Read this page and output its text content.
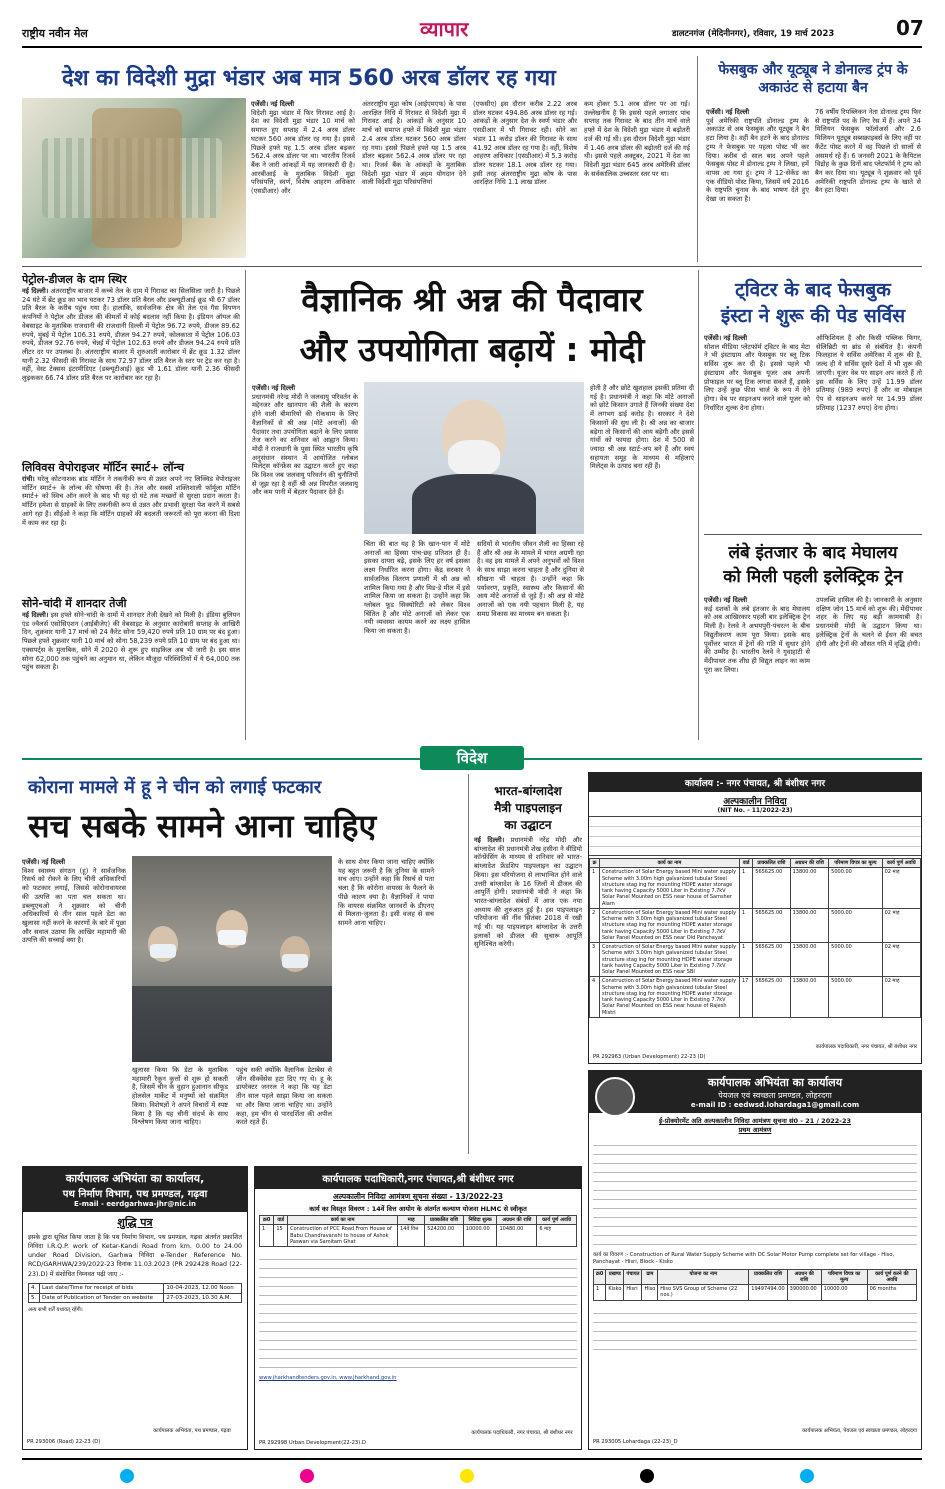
राष्ट्रीय नवीन मेल	व्यापार	डालटनगंज (मेदिनीनगर), रविवार, 19 मार्च 2023	07
देश का विदेशी मुद्रा भंडार अब मात्र 560 अरब डॉलर रह गया
एजेंसी। नई दिल्ली
विदेशी मुद्रा भंडार में फिर गिरावट आई है। देश का विदेशी मुद्रा भंडार 10 मार्च को समाप्त हुए सप्ताह में 2.4 अरब डॉलर घटकर 560 अरब डॉलर रह गया है। इससे पिछले हफ्ते यह 1.5 अरब डॉलर बढ़कर 562.4 अरब डॉलर पर था। भारतीय रिजर्व बैंक ने जारी आंकड़ों में यह जानकारी दी है। आरबीआई के मुताबिक विदेशी मुद्रा परिसंपत्ति, स्वर्ण, विशेष आहरण अधिकार (एसडीआर) और
अंतरराष्ट्रीय मुद्रा कोष (आईएमएफ) के पास आरक्षित निधि में गिरावट से विदेशी मुद्रा में गिरावट आई है। आंकड़ों के अनुसार 10 मार्च को समाप्त हफ्ते में विदेशी मुद्रा भंडार 2.4 अरब डॉलर घटकर 560 अरब डॉलर रह गया। इससे पिछले हफ्ते यह 1.5 अरब डॉलर बढ़कर 562.4 अरब डॉलर पर रहा था। रिजर्व बैंक के आंकड़ों के मुताबिक विदेशी मुद्रा भंडार में अहम योगदान देने वाली विदेशी मुद्रा परिसंपत्तियां
(एफसीए) इस दौरान करीब 2.22 अरब डॉलर घटकर 494.86 अरब डॉलर रह गई। आंकड़ों के अनुसार देश के स्वर्ण भंडार और एसडीआर में भी गिरावट रही। सोने का भंडार 11 करोड़ डॉलर की गिरावट के साथ 41.92 अरब डॉलर रह गया है। वहीं, विशेष आहरण अधिकार (एसडीआर) में 5.3 करोड़ डॉलर घटकर 18.1 अरब डॉलर रह गया। इसी तरह अंतरराष्ट्रीय मुद्रा कोष के पास आरक्षित निधि 1.1 लाख डॉलर
कम होकर 5.1 अरब डॉलर पर आ गई। उल्लेखनीय है कि इससे पहले लगातार पांच सप्ताह तक गिरावट के बाद तीन मार्च वाले हफ्ते में देश के विदेशी मुद्रा भंडार में बढ़ोतरी दर्ज की गई थी। इस दौरान विदेशी मुद्रा भंडार में 1.46 अरब डॉलर की बढ़ोतरी दर्ज की गई थी। इससे पहले अक्टूबर, 2021 में देश का विदेशी मुद्रा भंडार 645 अरब अमेरिकी डॉलर के सर्वकालिक उच्चस्तर स्तर पर था।
फेसबुक और यूट्यूब ने डोनाल्ड ट्रंप के अकाउंट से हटाया बैन
एजेंसी। नई दिल्ली
पूर्व अमेरिकी राष्ट्रपति डोनाल्ड ट्रम्प के अकाउंट से अब फेसबुक और यूट्यूब ने बैन हटा लिया है। वहीं बैन हटने के बाद डोनाल्ड ट्रम्प ने फेसबुक पर पहला पोस्ट भी कर दिया। करीब दो साल बाद अपने पहले फेसबुक पोस्ट में डोनाल्ड ट्रम्प ने लिखा, हमें वापस आ गया हूं। ट्रम्प ने 12-सेकेंड का एक वीडियो पोस्ट किया, जिसमें वर्ष 2016 के राष्ट्रपति चुनाव के बाद भाषण देते हुए देखा जा सकता है।
76 वर्षीय रिपब्लिकन नेता डोनाल्ड ट्रम्प फिर से राष्ट्रपति पद के लिए रेस में हैं। अपने 34 मिलियन फेसबुक फॉलोअर्स और 2.6 मिलियन यूट्यूब सब्सक्राइबर्स के लिए वहीं पर कैंटेंट पोस्ट करने में वह पिछले दो सालों से असमर्थ रहे हैं। 6 जनवरी 2021 के कैपिटल विद्रोह के कुछ दिनों बाद प्लेटफॉर्म ने ट्रम्प को बैन कर दिया था। यूट्यूब ने शुक्रवार को पूर्व अमेरिकी राष्ट्रपति डोनाल्ड ट्रम्प के खाते से बैन हटा दिया।
पेट्रोल-डीजल के दाम स्थिर
नई दिल्ली। अंतरराष्ट्रीय बाजार में कच्चे तेल के दाम में गिरावट का सिलसिला जारी है। पिछले 24 घंटे में ब्रेंट क्रूड का भाव घटकर 73 डॉलर प्रति बैरल और डब्ल्यूटीआई क्रूड भी 67 डॉलर प्रति बैरल के करीब पहुंच गया है। हालांकि, सार्वजनिक क्षेत्र की तेल एवं गैस विपणन कंपनियों ने पेट्रोल और डीजल की कीमतों में कोई बदलाव नहीं किया है। इंडियन ऑयल की वेबसाइट के मुताबिक राजधानी की राजधानी दिल्ली में पेट्रोल 96.72 रुपये, डीजल 89.62 रुपये, मुंबई में पेट्रोल 106.31 रुपये, डीजल 94.27 रुपये, कोलकाता में पेट्रोल 106.03 रुपये, डीजल 92.76 रुपये, चेन्नई में पेट्रोल 102.63 रुपये और डीजल 94.24 रुपये प्रति लीटर दर पर उपलब्ध है। अंतरराष्ट्रीय बाजार में शुरुआती कारोबार में ब्रेंट क्रूड 1.32 डॉलर यानी 2.32 फीसदी की गिरावट के साथ 72.97 डॉलर प्रति बैरल के स्तर पर ट्रेड कर रहा है। वहीं, वेस्ट टेक्सस इंटरमीडिएट (डब्ल्यूटीआई) क्रूड भी 1.61 डॉलर यानी 2.36 फीसदी लुढ़ककर 66.74 डॉलर प्रति बैरल पर कारोबार कर रहा है।
लिविवस वेपोराइजर मॉर्टिन स्मार्ट+ लॉन्च
रांची। घरेलू कोटनाशक ब्रांड मॉर्टिन ने तकनीकी रूप से उन्नत अपने नए लिक्विड वेपोराइजर मॉर्टिन स्मार्ट+ के लॉन्च की घोषणा की है। तेज और सबसे शक्तिशाली फॉर्मूला मॉर्टिन स्मार्ट+ को स्विच ऑन करने के बाद भी यह दो घंटे तक मच्छरों से सुरक्षा प्रदान करता है। मॉर्टिन हमेशा से ग्राहकों के लिए तकनीकी रूप से उन्नत और प्रभावी सुरक्षा पेश करने में सबसे आगे रहा है। सीईओ ने कहा कि मॉर्टिन ग्राहकों की बदलती जरूरतों को पूरा करना की दिशा में काम कर रहा है।
सोने-चांदी में शानदार तेजी
नई दिल्ली। इस हफ्ते सोने-चांदी के दामों में शानदार तेजी देखने को मिली है। इंडिया बुलियन एंड ज्वैलर्स एसोसिएशन (आईबीजेए) की वेबसाइट के अनुसार कारोबारी सप्ताह के आखिरी दिन, शुक्रवार यानी 17 मार्च को 24 कैरेट सोना 59,420 रुपये प्रति 10 ग्राम पर बंद हुआ। पिछले हफ्ते शुक्रवार यानी 10 मार्च को सोना 58,239 रुपये प्रति 10 ग्राम पर बंद हुआ था। एक्सपर्ट्स के मुताबिक, सोने में 2020 से शुरू हुए साइकिल अब भी जारी है। इस साल सोना 62,000 तक पहुंचने का अनुमान था, लेकिन मौजूदा परिस्थितियों में ये 64,000 तक पहुंच सकता है।
वैज्ञानिक श्री अन्न की पैदावार
और उपयोगिता बढ़ायें : मोदी
एजेंसी। नई दिल्ली
प्रधानमंत्री नरेन्द्र मोदी ने जलवायु परिवर्तन के मद्देनजर और खानपान की शैली के कारण होने वाली बीमारियों की रोकथाम के लिए वैज्ञानिकों से श्री अन्न (मोटे अनाजों) की पैदावार तथा उपयोगिता बढ़ाने के लिए प्रयास तेज करने का शनिवार को आह्वान किया। मोदी ने राजधानी के पूसा स्थित भारतीय कृषि अनुसंधान संस्थान में आयोजित ग्लोबल मिलेट्स कॉन्फ्रेंस का उद्घाटन करते हुए कहा कि विश्व जब जलवायु परिवर्तन की चुनौतियों से जूझ रहा है वहीं श्री अन्न विपरीत जलवायु और कम पानी में बेहतर पैदावार देते हैं।
चिंता की बात यह है कि खान-पान में मोटे अनाजों का हिस्सा पांच-छह प्रतिशत ही है। इसका दायरा बढ़े, इसके लिए हर वर्ष इसका लक्ष्य निर्धारित करना होगा। केंद्र सरकार ने सार्वजनिक वितरण प्रणाली में श्री अन्न को शामिल किया गया है और मिड-डे मील में इसे शामिल किया जा सकता है। उन्होंने कहा कि ग्लोबल फूड सिक्योरिटी को लेकर विश्व चिंतित है और मोटे अनाजों को लेकर एक नयी व्यवस्था कायम करने का लक्ष्य हासिल किया जा सकता है।
सदियों से भारतीय जीवन शैली का हिस्सा रहे हैं और श्री अन्न के मामले में भारत अग्रणी रहा है। वह इस मामले में अपने अनुभवों को विश्व के साथ साझा करना चाहता है और दुनिया से सीखना भी चाहता है। उन्होंने कहा कि पर्यावरण, प्रकृति, स्वास्थ्य और किसानों की आय मोटे अनाजों से जुड़े हैं। श्री अन्न से मोटे अनाजों को एक नयी पहचान मिली है, यह समग्र विकास का माध्यम बन सकता है।
होती है और छोटे खुशहाल इसकी प्रतिमा दी गई है। प्रधानमंत्री ने कहा कि मोटे अनाजों को छोटे किसान उगाते हैं जिनकी संख्या देश में लगभग ढाई करोड़ है। सरकार ने देशे किसानों की सुध ली है। श्री अन्न का बाजार बढ़ेगा तो किसानों की आय बढ़ेगी और इससे गांवों को फायदा होगा। देश में 500 से ज्यादा श्री अन्न स्टार्ट-अप बने हैं और स्वयं सहायता समूह के माध्यम से महिलाएं मिलेट्स के उत्पाद बना रही हैं।
ट्विटर के बाद फेसबुक
इंस्टा ने शुरू की पेड सर्विस
एजेंसी। नई दिल्ली
सोशल मीडिया प्लेटफॉर्म ट्विटर के बाद मेटा ने भी इंस्टाग्राम और फेसबुक पर ब्लू टिक सर्विस शुरू कर दी है। इससे पहले भी इंस्टाग्राम और फेसबुक यूजर अब अपनी प्रोफाइल पर ब्लू टिक लगवा सकते हैं, इसके लिए उन्हें कुछ फीस चार्ज के रूप में देने होगा। वेब पर साइनअप करने वाले यूजर को निर्धारित शुल्क देना होगा।
ऑफिशियल है और किसी पब्लिक फिगर, सेलिब्रिटी या ब्रांड से संबंधित है। कंपनी फिलहाल ये सर्विस अमेरिका में शुरू की है, जल्द ही ये सर्विस दूसरे देशों में भी शुरू की जाएगी। यूजर वेब पर साइन अप करते हैं तो इस सर्विस के लिए उन्हें 11.99 डॉलर प्रतिमाह (989 रुपए) हैं और वा मोबाइल ऐप से साइनअप करने पर 14.99 डॉलर प्रतिमाह (1237 रुपए) देना होगा।
लंबे इंतजार के बाद मेघालय
को मिली पहली इलेक्ट्रिक ट्रेन
एजेंसी। नई दिल्ली
कई दशकों के लंबे इंतजार के बाद मेघालय को अब आखिरकार पहली बार इलेक्ट्रिक ट्रेन मिली है। रेलवे ने अभयपुरी-पंचरत्न के बीच विद्युतीकरण काम पूरा किया। इसके बाद पूर्वोत्तर भारत में ट्रेनों की गति में सुधार होने की उम्मीद है। भारतीय रेलवे ने गुवाहाटी से मेंदीपाथर तक शीघ्र ही विद्युत लाइन का काम पूरा कर लिया।
उपलब्धि हासिल की है। जानकारी के अनुसार दक्षिण जोन 15 मार्च को शुरू की। मेंदीपाथर शहर के लिए यह बड़ी कामयाबी है। प्रधानमंत्री मोदी के उद्घाटन किया था। इलेक्ट्रिक ट्रेनों के चलने से ईंधन की बचत होगी और ट्रेनों की औसत गति में वृद्धि होगी।
विदेश
कोराना मामले में हू ने चीन को लगाई फटकार
सच सबके सामने आना चाहिए
एजेंसी। नई दिल्ली
विश्व स्वास्थ्य संगठन (हू) ने सार्वजनिक रिसर्च को रोकने के लिए चीनी अधिकारियों को फटकार लगाई, जिससे कोरोनावायरस की उत्पत्ति का पता चल सकता था। डब्ल्यूएचओ ने शुक्रवार को चीनी अधिकारियों से तीन साल पहले डेटा का खुलासा नहीं करने के कारणों के बारे में पूछा और सवाल उठाया कि आखिर महामारी की उत्पत्ति की सच्चाई क्या है।
खुलासा किया कि डेटा के मुताबिक महामारी रैकून कुत्तों से शुरू हो सकती है, जिसमें चीन के वुहान हुआनान सीफूड होलसेल मार्केट में मनुष्यों को संक्रमित किया। विशेषज्ञों ने अपने विचारों में स्पष्ट किया है कि यह चीनी संदर्भ के साथ विश्लेषण किया जाना चाहिए।
पहुंच सकी क्योंकि वैज्ञानिक डेटाबेस से जीन सीक्वेंसेस हटा दिए गए थे। हू के डायरेक्टर जनरल ने कहा कि यह डेटा तीन साल पहले साझा किया जा सकता था और किया जाना चाहिए था। उन्होंने कहा, हम चीन से पारदर्शिता की अपील करते रहते हैं।
के साथ शेयर किया जाना चाहिए क्योंकि यह बहुत जरूरी है कि दुनिया के सामने सच आए। उन्होंने कहा कि रिसर्च से पता चला है कि कोरोना वायरस के फैलने के पीछे कारण क्या है। वैज्ञानिकों ने पाया कि वायरस संक्रमित जानवरों के डीएनए से मिलता-जुलता है। इसी वजह से सच सामने आना चाहिए।
भारत-बांग्लादेश
मैत्री पाइपलाइन
का उद्घाटन
नई दिल्ली। प्रधानमंत्री नरेंद्र मोदी और बांग्लादेश की प्रधानमंत्री शेख हसीना ने वीडियो कॉन्फ्रेंसिंग के माध्यम से शनिवार को भारत-बांग्लादेश फ्रेंडशिप पाइपलाइन का उद्घाटन किया। इस परियोजना से लाभान्वित होने वाले उत्तरी बांग्लादेश के 16 जिलों में डीजल की आपूर्ति होगी। प्रधानमंत्री मोदी ने कहा कि भारत-बांग्लादेश संबंधों में आज एक नया अध्याय की शुरुआत हुई है। इस पाइपलाइन परियोजना की नींव सितंबर 2018 में रखी गई थी। यह पाइपलाइन बांग्लादेश के उत्तरी इलाकों को डीजल की सुचारू आपूर्ति सुनिश्चित करेगी।
कार्यालय :- नगर पंचायत, श्री बंशीधर नगर
अल्पकालीन निविदा
(NIT No. - 11/2022-23)
क्र	कार्य का नाम	वार्ड	प्राक्कलित राशि	अग्रधन की राशि	परिमाण विपत्र का मूल्य	कार्य पूर्ण अवधि
1	Construction of Solar Energy based Mini water supply Scheme with 3.00m high galvanized tubular Steel structure stag ing for mounting HDPE water storage tank having Capacity 5000 Liter in Existing 7.7kV Solar Panel Mounted on ESS near house of Samsher Alam	1	565625.00	13800.00	5000.00	02 माह
2	Construction of Solar Energy based Mini water supply Scheme with 3.00m high galvanized tubular Steel structure stag ing for mounting HDPE water storage tank having Capacity 5000 Liter in Existing 7.7kV Solar Panel Mounted on ESS near Old Panchayat	1	565625.00	13800.00	5000.00	02 माह
3	Construction of Solar Energy based Mini water supply Scheme with 3.00m high galvanized tubular Steel structure stag ing for mounting HDPE water storage tank having Capacity 5000 Liter in Existing 7.7kV Solar Panel Mounted on ESS near SBI	1	565625.00	13800.00	5000.00	02 माह
4	Construction of Solar Energy based Mini water supply Scheme with 3.00m high galvanized tubular Steel structure stag ing for mounting HDPE water storage tank having Capacity 5000 Liter in Existing 7.7kV Solar Panel Mounted on ESS near house of Rajesh Mistri	17	565625.00	13800.00	5000.00	02 माह
कार्यपालक पदाधिकारी, नगर पंचायत, श्री बंशीधर नगर
PR 292963 (Urban Development) 22-23 (D)
कार्यपालक अभियंता का कार्यालय
पेयजल एवं स्वच्छता प्रमण्डल, लोहरदगा
e-mail ID : eedwsd.lohardaga1@gmail.com
ई-प्रोक्योरमेंट अति अल्पकालीन निविदा आमंत्रण सूचना सं0 - 21 / 2022-23
प्रथम आमंत्रण
कार्य का विवरण :- Construction of Rural Water Supply Scheme with DC Solar Motor Pump complete set for village - Hiso, Panchayat - Hisri, Block - Kisko
क्र0	प्रखण्ड	पंचायत	ग्राम	योजना का नाम	प्राक्कलित राशि	अग्रधन की राशि	परिमाण विपत्र का मूल्य	कार्य पूर्ण करने की अवधि
1	Kisko	Hisri	Hiso	Hiso SVS Group of Scheme (22 nos.)	19497494.00	390000.00	10000.00	06 months
कार्यपालक अभियंता, पेयजल एवं स्वच्छता प्रमण्डल, लोहरदगा
PR 293005 Lohardaga (22-23)_D
कार्यपालक अभियंता का कार्यालय,
पथ निर्माण विभाग, पथ प्रमण्डल, गढ़वा
E-mail - eerdgarhwa-jhr@nic.in
शुद्धि पत्र
इसके द्वारा सूचित किया जाता है कि पथ निर्माण विभाग, पथ प्रमण्डल, गढ़वा अंतर्गत प्रकाशित निविदा I.R.Q.P. work of Ketar-Kandi Road from km. 0.00 to 24.00 under Road Division, Garhwa निविदा e-Tender Reference No. RCD/GARHWA/239/2022-23 दिनांक 11.03.2023 (PR 292428 Road (22-23).D) में संशोधित निम्नवत पढ़ी जाए :-
4.	Last date/Time for receipt of bids	10-04-2023, 12.00 Noon
5.	Date of Publication of Tender on website	27-03-2023, 10.30 A.M.
अन्य सभी शर्तें यथावत् रहेंगी।
कार्यपालक अभियंता, पथ प्रमण्डल, गढ़वा
PR 293006 (Road) 22-23 (D)
कार्यपालक पदाधिकारी,नगर पंचायत,श्री बंशीधर नगर
अल्पकालीन निविदा आमंत्रण सूचना संख्या - 13/2022-23
कार्य का विस्तृत विवरण : 14वें वित्त आयोग के अंतर्गत कल्याण योजना HLMC से स्वीकृत
क्र0	वार्ड	कार्य का नाम	माह	प्राक्कलित राशि	निविदा शुल्क	अग्रधन की राशि	कार्य पूर्ण अवधि
1	15	Construction of PCC Road From House of Babu Chandravanshi to house of Ashok Paswan via Samitam Ghat	14वें वित्त	524200.00	10000.00	10480.00	6 माह
www.jharkhandtenders.gov.in, www.jharkhand.gov.in
कार्यपालक पदाधिकारी, नगर पंचायत, श्री बंशीधर नगर
PR 292998 Urban Development(22-23).D
